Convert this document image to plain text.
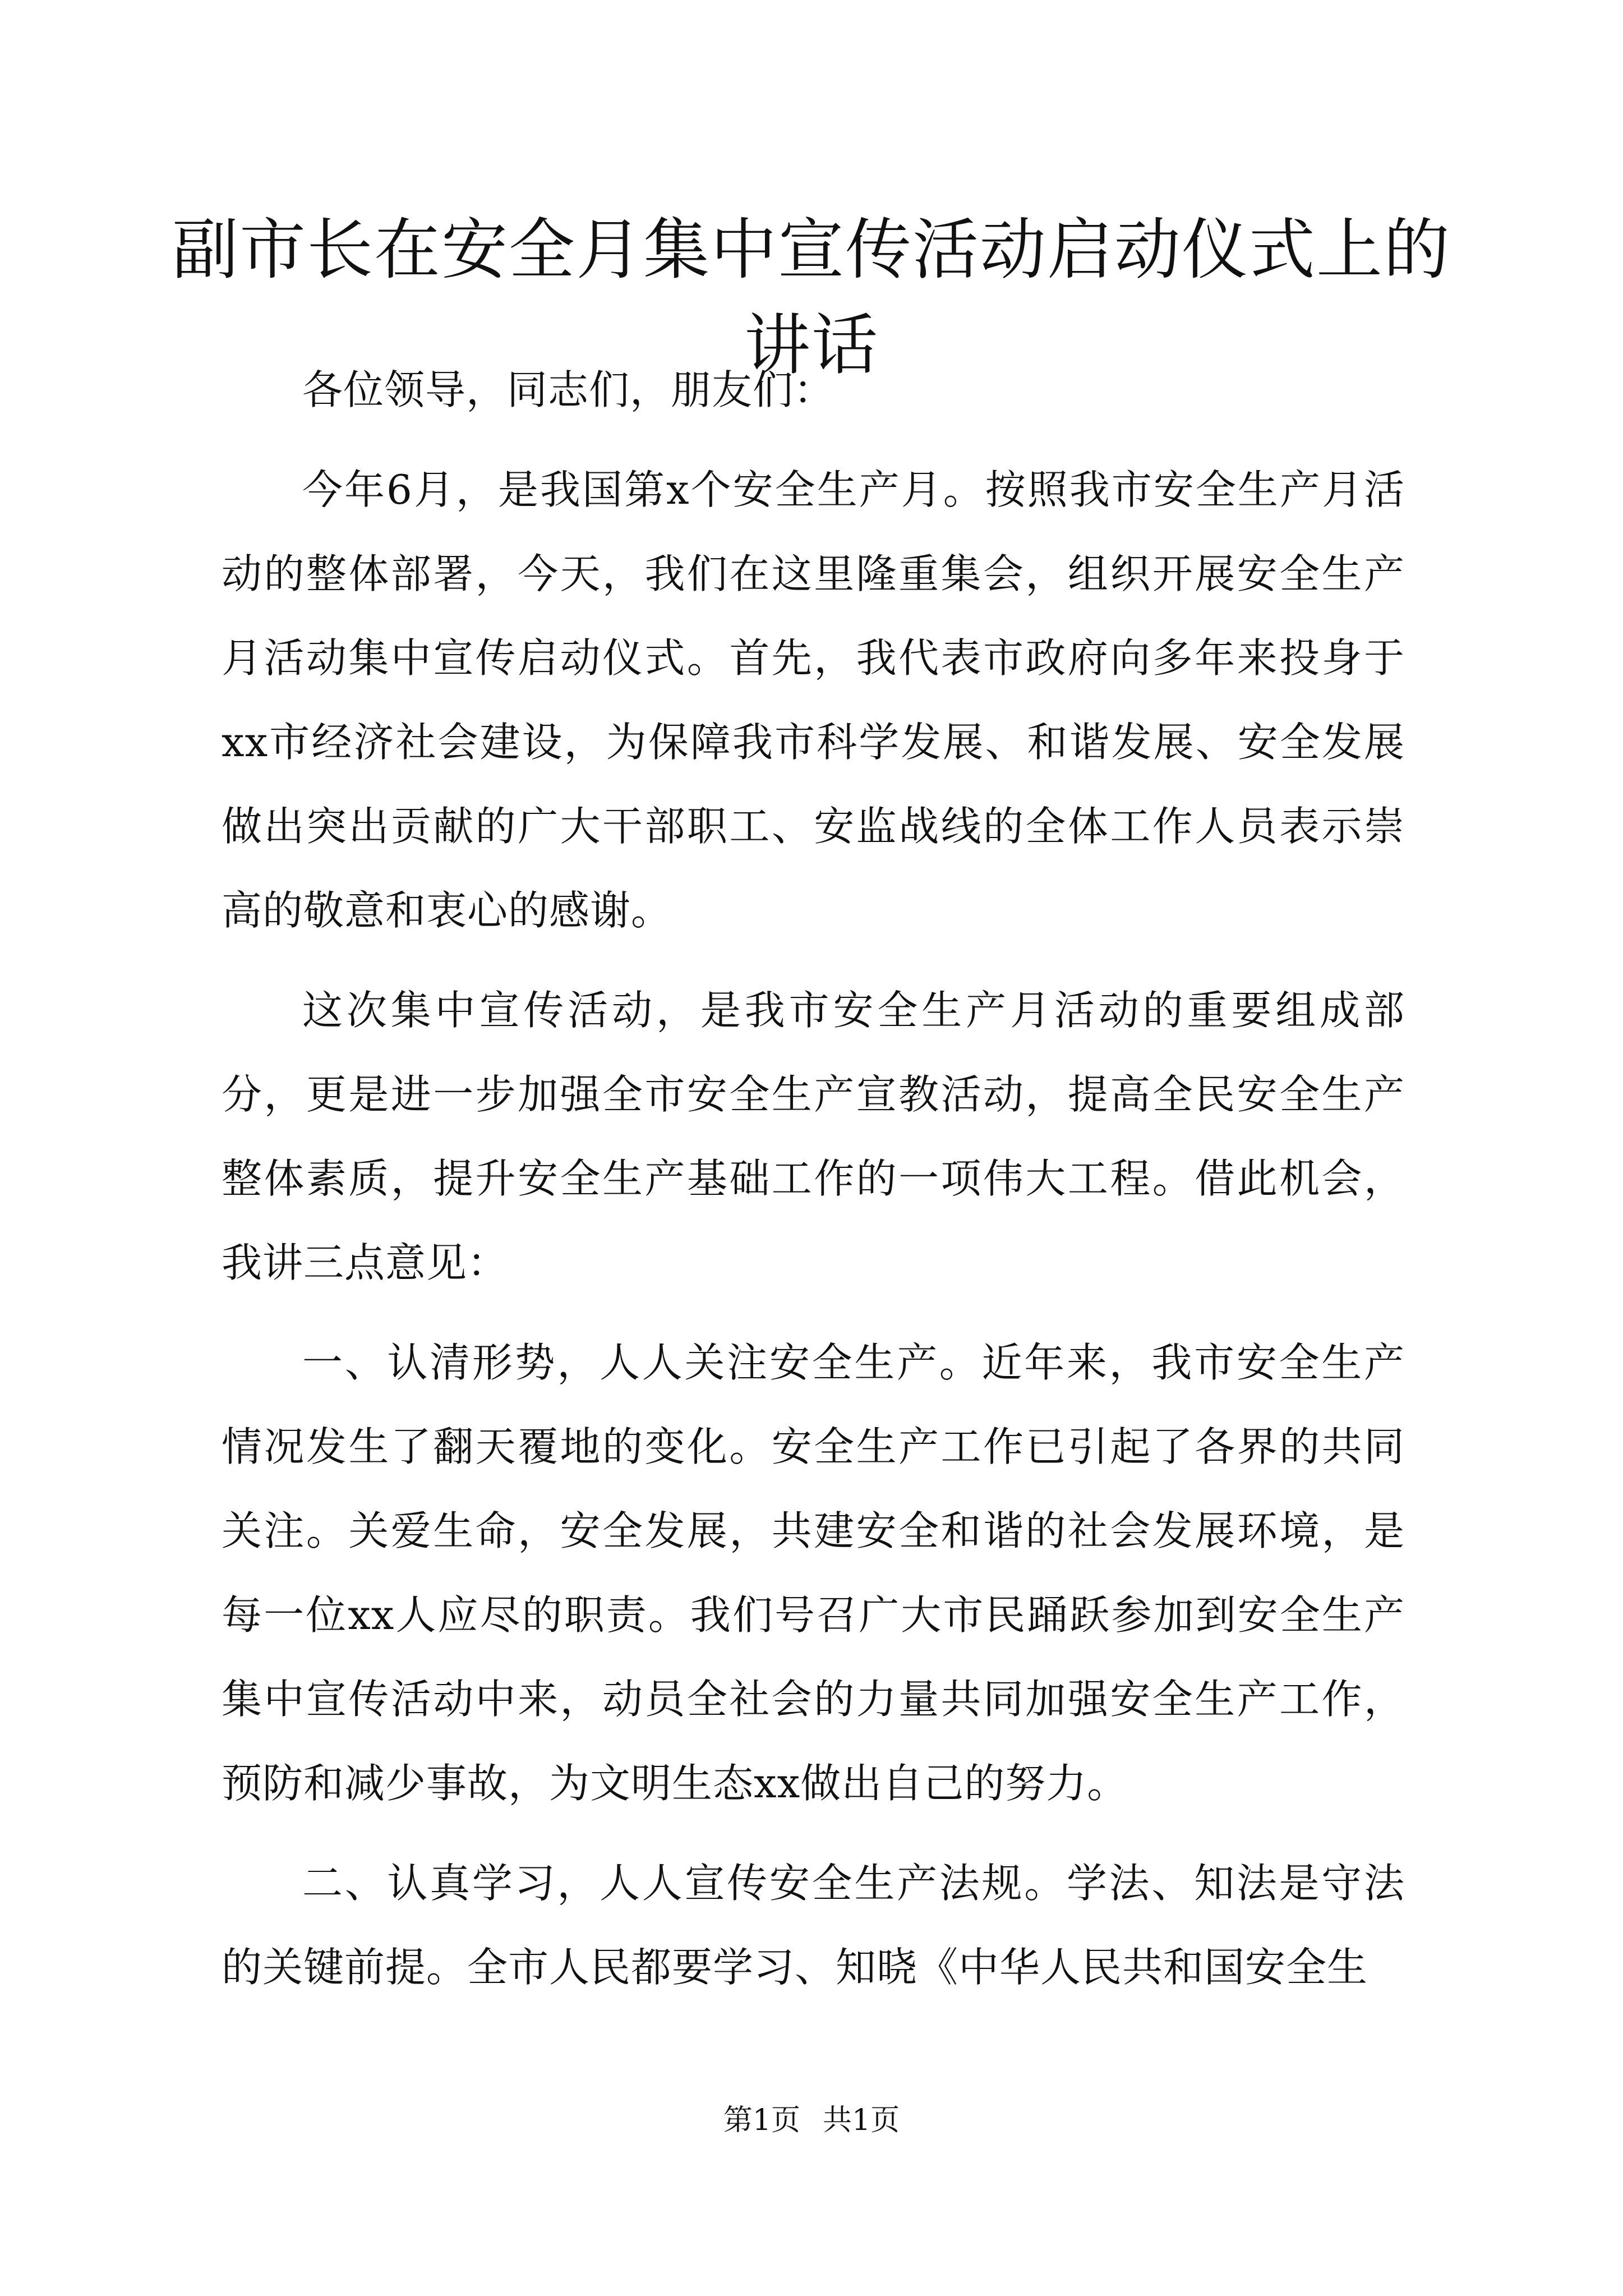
副市长在安全月集中宣传活动启动仪式上的讲话

各位领导，同志们，朋友们：

今年6月，是我国第x个安全生产月。按照我市安全生产月活动的整体部署，今天，我们在这里隆重集会，组织开展安全生产月活动集中宣传启动仪式。首先，我代表市政府向多年来投身于xx市经济社会建设，为保障我市科学发展、和谐发展、安全发展做出突出贡献的广大干部职工、安监战线的全体工作人员表示崇高的敬意和衷心的感谢。

这次集中宣传活动，是我市安全生产月活动的重要组成部分，更是进一步加强全市安全生产宣教活动，提高全民安全生产整体素质，提升安全生产基础工作的一项伟大工程。借此机会，我讲三点意见：

一、认清形势，人人关注安全生产。近年来，我市安全生产情况发生了翻天覆地的变化。安全生产工作已引起了各界的共同关注。关爱生命，安全发展，共建安全和谐的社会发展环境，是每一位xx人应尽的职责。我们号召广大市民踊跃参加到安全生产集中宣传活动中来，动员全社会的力量共同加强安全生产工作，预防和减少事故，为文明生态xx做出自己的努力。

二、认真学习，人人宣传安全生产法规。学法、知法是守法的关键前提。全市人民都要学习、知晓《中华人民共和国安全生

第1页 共1页
